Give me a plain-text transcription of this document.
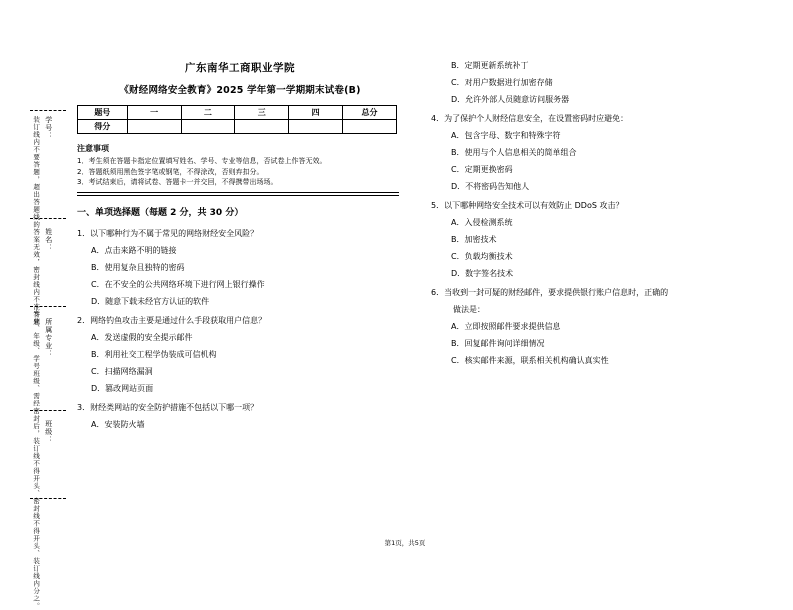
学号：
装订线内不要答题，超出答题线的答案无效，密封线内不准答题 姓名：
专业、年级、学号班级、需经密封后，装订线不得开头、密封线不得开头、装订线内分之。 所属专业：
班级：
广东南华工商职业学院
《财经网络安全教育》2025 学年第一学期期末试卷(B)
题号	一	二	三	四	总分
得分					
注意事项
1．考生须在答题卡指定位置填写姓名、学号、专业等信息，否试卷上作答无效。
2．答题纸须用黑色签字笔或钢笔，不得涂改，否则弃扣分。
3．考试结束后，请将试卷、答题卡一并交回，不得携带出场场。
一、单项选择题（每题 2 分，共 30 分）
1．以下哪种行为不属于常见的网络财经安全风险？
A．点击来路不明的链接
B．使用复杂且独特的密码
C．在不安全的公共网络环境下进行网上银行操作
D．随意下载未经官方认证的软件
2．网络钓鱼攻击主要是通过什么手段获取用户信息？
A．发送虚假的安全提示邮件
B．利用社交工程学伪装成可信机构
C．扫描网络漏洞
D．篡改网站页面
3．财经类网站的安全防护措施不包括以下哪一项？
A．安装防火墙
B．定期更新系统补丁
C．对用户数据进行加密存储
D．允许外部人员随意访问服务器
4．为了保护个人财经信息安全，在设置密码时应避免：
A．包含字母、数字和特殊字符
B．使用与个人信息相关的简单组合
C．定期更换密码
D．不将密码告知他人
5．以下哪种网络安全技术可以有效防止 DDoS 攻击？
A．入侵检测系统
B．加密技术
C．负载均衡技术
D．数字签名技术
6．当收到一封可疑的财经邮件，要求提供银行账户信息时，正确的
做法是：
A．立即按照邮件要求提供信息
B．回复邮件询问详细情况
C．核实邮件来源，联系相关机构确认真实性
第1页，共5页
